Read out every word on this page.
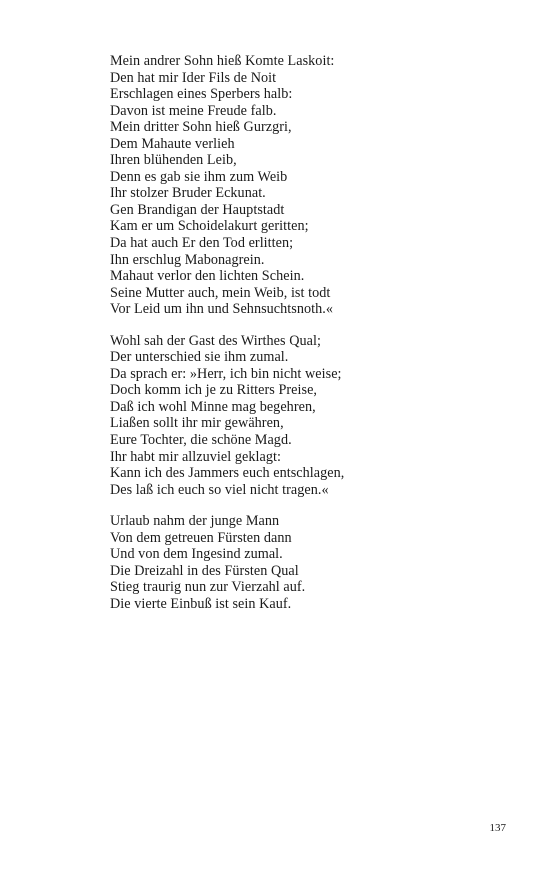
Mein andrer Sohn hieß Komte Laskoit:
Den hat mir Ider Fils de Noit
Erschlagen eines Sperbers halb:
Davon ist meine Freude falb.
Mein dritter Sohn hieß Gurzgri,
Dem Mahaute verlieh
Ihren blühenden Leib,
Denn es gab sie ihm zum Weib
Ihr stolzer Bruder Eckunat.
Gen Brandigan der Hauptstadt
Kam er um Schoidelakurt geritten;
Da hat auch Er den Tod erlitten;
Ihn erschlug Mabonagrein.
Mahaut verlor den lichten Schein.
Seine Mutter auch, mein Weib, ist todt
Vor Leid um ihn und Sehnsuchtsnoth.«
Wohl sah der Gast des Wirthes Qual;
Der unterschied sie ihm zumal.
Da sprach er: »Herr, ich bin nicht weise;
Doch komm ich je zu Ritters Preise,
Daß ich wohl Minne mag begehren,
Liaßen sollt ihr mir gewähren,
Eure Tochter, die schöne Magd.
Ihr habt mir allzuviel geklagt:
Kann ich des Jammers euch entschlagen,
Des laß ich euch so viel nicht tragen.«
Urlaub nahm der junge Mann
Von dem getreuen Fürsten dann
Und von dem Ingesind zumal.
Die Dreizahl in des Fürsten Qual
Stieg traurig nun zur Vierzahl auf.
Die vierte Einbuß ist sein Kauf.
137
